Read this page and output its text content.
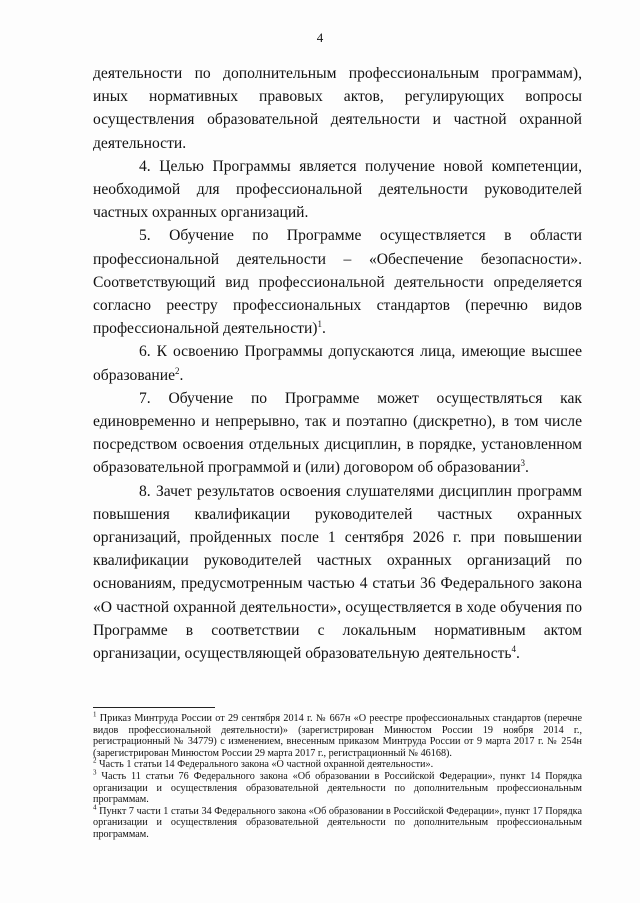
4

деятельности по дополнительным профессиональным программам), иных нормативных правовых актов, регулирующих вопросы осуществления образовательной деятельности и частной охранной деятельности.

4. Целью Программы является получение новой компетенции, необходимой для профессиональной деятельности руководителей частных охранных организаций.

5. Обучение по Программе осуществляется в области профессиональной деятельности – «Обеспечение безопасности». Соответствующий вид профессиональной деятельности определяется согласно реестру профессиональных стандартов (перечню видов профессиональной деятельности)$^1$.

6. К освоению Программы допускаются лица, имеющие высшее образование$^2$.

7. Обучение по Программе может осуществляться как единовременно и непрерывно, так и поэтапно (дискретно), в том числе посредством освоения отдельных дисциплин, в порядке, установленном образовательной программой и (или) договором об образовании$^3$.

8. Зачет результатов освоения слушателями дисциплин программ повышения квалификации руководителей частных охранных организаций, пройденных после 1 сентября 2026 г. при повышении квалификации руководителей частных охранных организаций по основаниям, предусмотренным частью 4 статьи 36 Федерального закона «О частной охранной деятельности», осуществляется в ходе обучения по Программе в соответствии с локальным нормативным актом организации, осуществляющей образовательную деятельность$^4$.

$^1$ Приказ Минтруда России от 29 сентября 2014 г. № 667н «О реестре профессиональных стандартов (перечне видов профессиональной деятельности)» (зарегистрирован Минюстом России 19 ноября 2014 г., регистрационный № 34779) с изменением, внесенным приказом Минтруда России от 9 марта 2017 г. № 254н (зарегистрирован Минюстом России 29 марта 2017 г., регистрационный № 46168).

$^2$ Часть 1 статьи 14 Федерального закона «О частной охранной деятельности».

$^3$ Часть 11 статьи 76 Федерального закона «Об образовании в Российской Федерации», пункт 14 Порядка организации и осуществления образовательной деятельности по дополнительным профессиональным программам.

$^4$ Пункт 7 части 1 статьи 34 Федерального закона «Об образовании в Российской Федерации», пункт 17 Порядка организации и осуществления образовательной деятельности по дополнительным профессиональным программам.
